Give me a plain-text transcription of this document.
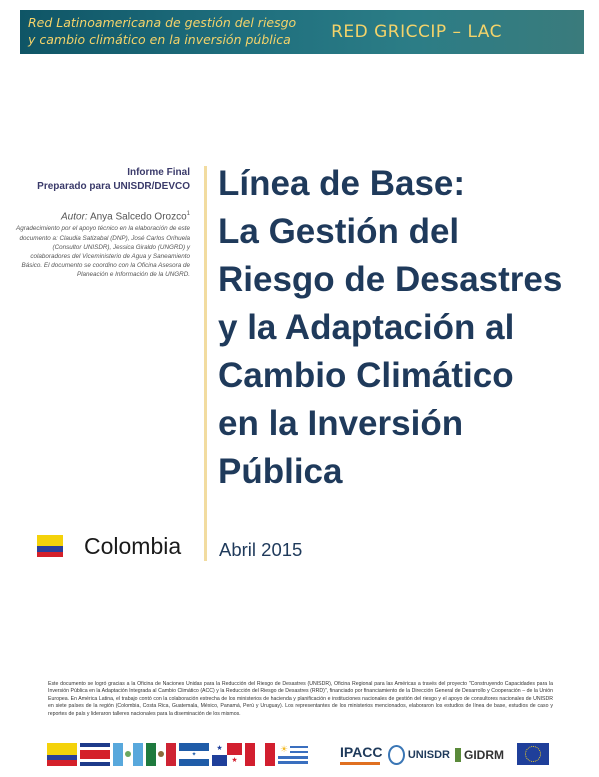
Red Latinoamericana de gestión del riesgo
y cambio climático en la inversión pública RED GRICCIP – LAC
Informe Final
Preparado para UNISDR/DEVCO
Autor: Anya Salcedo Orozco$^1$
Agradecimiento por el apoyo técnico en la elaboración de este documento a: Claudia Satizabal (DNP), José Carlos Orihuela (Consultor UNISDR), Jessica Giraldo (UNGRD) y colaboradores del Viceministerio de Agua y Saneamiento Básico. El documento se coordino con la Oficina Asesora de Planeación e Información de la UNGRD.
Línea de Base:
La Gestión del
Riesgo de Desastres
y la Adaptación al
Cambio Climático
en la Inversión
Pública
Colombia Abril 2015
Este documento se logró gracias a la Oficina de Naciones Unidas para la Reducción del Riesgo de Desastres (UNISDR), Oficina Regional para las Américas a través del proyecto "Construyendo Capacidades para la Inversión Pública en la Adaptación Integrada al Cambio Climático (ACC) y la Reducción del Riesgo de Desastres (RRD)", financiado por financiamiento de la Dirección General de Desarrollo y Cooperación – de la Unión Europea. En América Latina, el trabajo contó con la colaboración estrecha de los ministerios de hacienda y planificación e instituciones nacionales de gestión del riesgo y el apoyo de consultores nacionales de UNISDR en siete países de la región (Colombia, Costa Rica, Guatemala, México, Panamá, Perú y Uruguay). Los representantes de los ministerios mencionados, elaboraron los estudios de línea de base, estudios de caso y reportes de país y lideraron talleres nacionales para la diseminación de los mismos.
✦
★
★
☀	IPACC	UNISDR GIDRM
